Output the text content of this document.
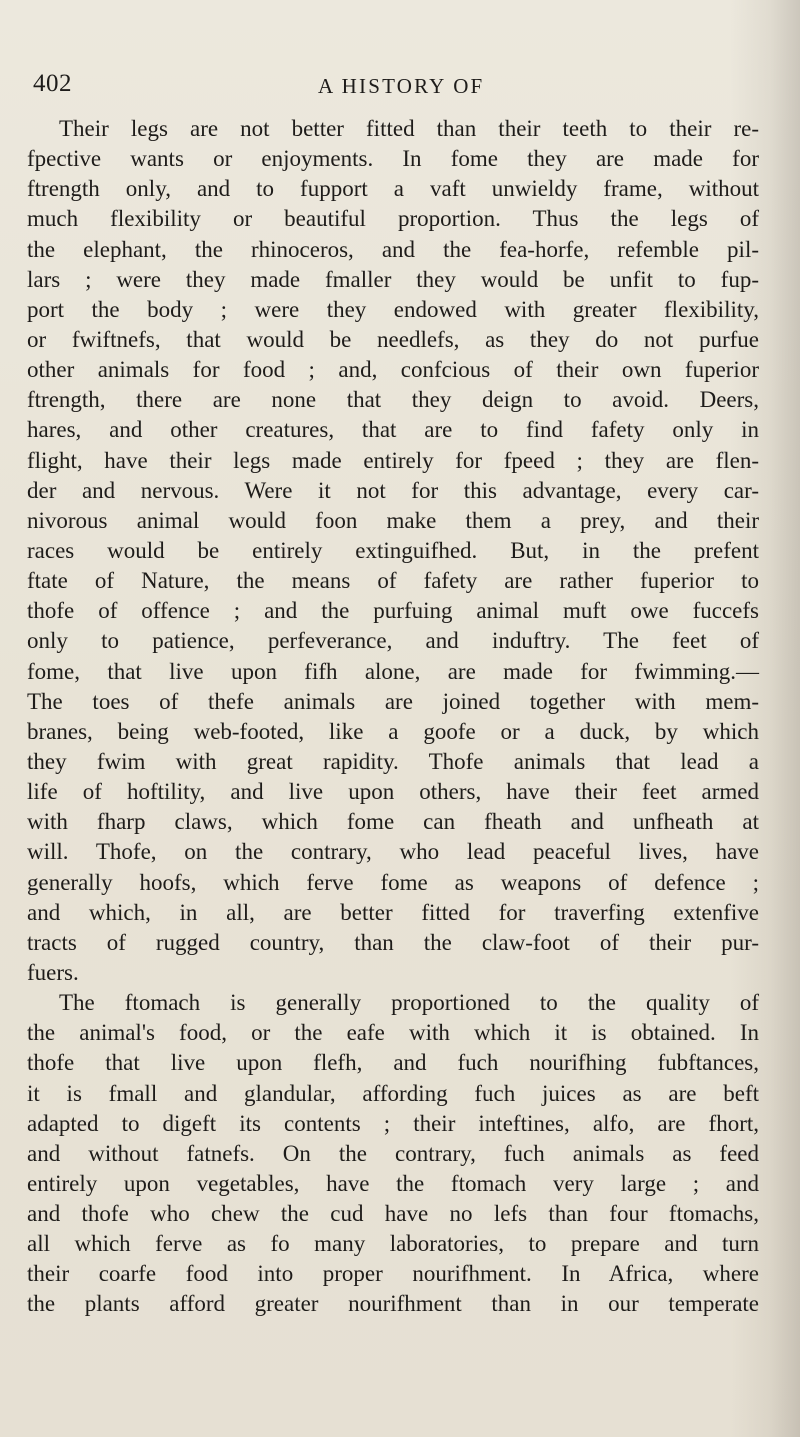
402	A HISTORY OF
Their legs are not better fitted than their teeth to their re-
fpective wants or enjoyments. In fome they are made for
ftrength only, and to fupport a vaft unwieldy frame, without
much flexibility or beautiful proportion. Thus the legs of
the elephant, the rhinoceros, and the fea-horfe, refemble pil-
lars ; were they made fmaller they would be unfit to fup-
port the body ; were they endowed with greater flexibility,
or fwiftnefs, that would be needlefs, as they do not purfue
other animals for food ; and, confcious of their own fuperior
ftrength, there are none that they deign to avoid. Deers,
hares, and other creatures, that are to find fafety only in
flight, have their legs made entirely for fpeed ; they are flen-
der and nervous. Were it not for this advantage, every car-
nivorous animal would foon make them a prey, and their
races would be entirely extinguifhed. But, in the prefent
ftate of Nature, the means of fafety are rather fuperior to
thofe of offence ; and the purfuing animal muft owe fuccefs
only to patience, perfeverance, and induftry. The feet of
fome, that live upon fifh alone, are made for fwimming.—
The toes of thefe animals are joined together with mem-
branes, being web-footed, like a goofe or a duck, by which
they fwim with great rapidity. Thofe animals that lead a
life of hoftility, and live upon others, have their feet armed
with fharp claws, which fome can fheath and unfheath at
will. Thofe, on the contrary, who lead peaceful lives, have
generally hoofs, which ferve fome as weapons of defence ;
and which, in all, are better fitted for traverfing extenfive
tracts of rugged country, than the claw-foot of their pur-
fuers.
The ftomach is generally proportioned to the quality of
the animal's food, or the eafe with which it is obtained. In
thofe that live upon flefh, and fuch nourifhing fubftances,
it is fmall and glandular, affording fuch juices as are beft
adapted to digeft its contents ; their inteftines, alfo, are fhort,
and without fatnefs. On the contrary, fuch animals as feed
entirely upon vegetables, have the ftomach very large ; and
and thofe who chew the cud have no lefs than four ftomachs,
all which ferve as fo many laboratories, to prepare and turn
their coarfe food into proper nourifhment. In Africa, where
the plants afford greater nourifhment than in our temperate
